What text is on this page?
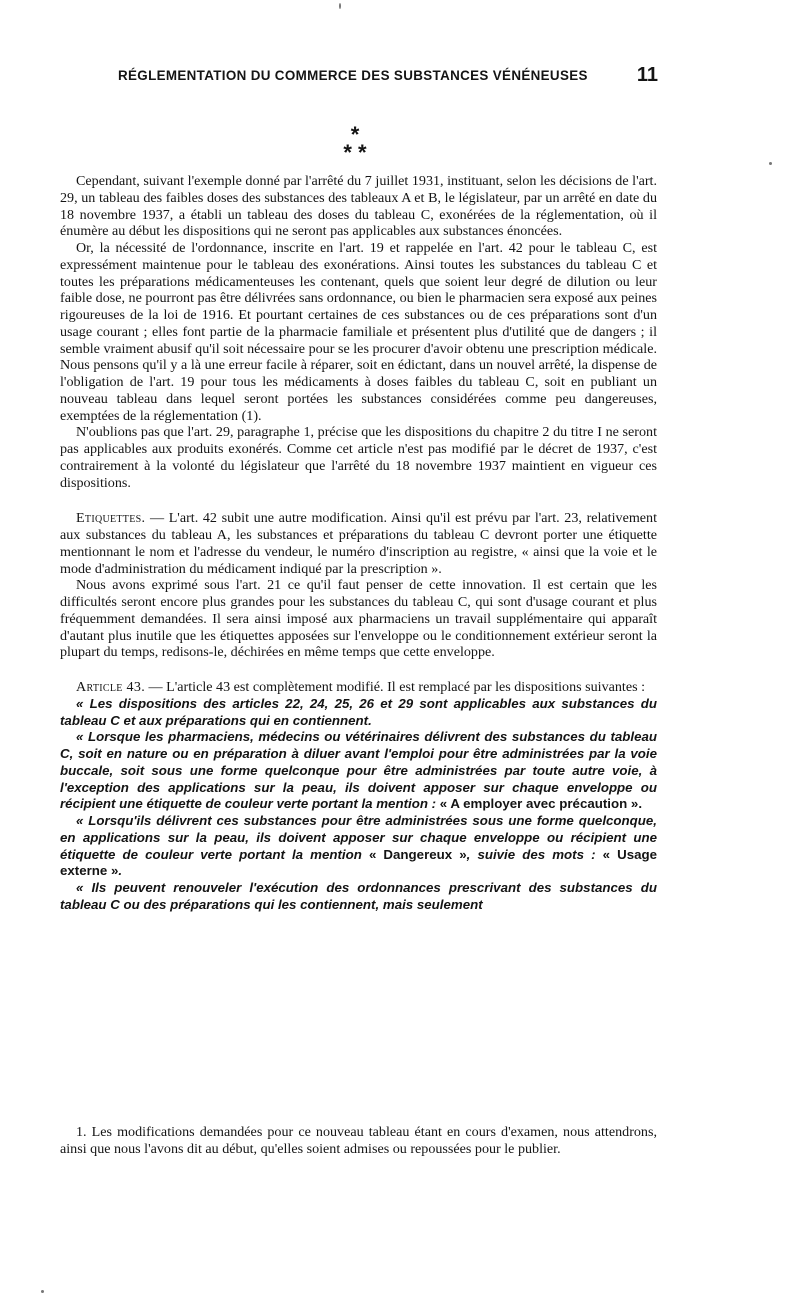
RÉGLEMENTATION DU COMMERCE DES SUBSTANCES VÉNÉNEUSES 11
*
* *

Cependant, suivant l'exemple donné par l'arrêté du 7 juillet 1931, instituant, selon les décisions de l'art. 29, un tableau des faibles doses des substances des tableaux A et B, le législateur, par un arrêté en date du 18 novembre 1937, a établi un tableau des doses du tableau C, exonérées de la réglementation, où il énumère au début les dispositions qui ne seront pas applicables aux substances énoncées.

Or, la nécessité de l'ordonnance, inscrite en l'art. 19 et rappelée en l'art. 42 pour le tableau C, est expressément maintenue pour le tableau des exonérations. Ainsi toutes les substances du tableau C et toutes les préparations médicamenteuses les contenant, quels que soient leur degré de dilution ou leur faible dose, ne pourront pas être délivrées sans ordonnance, ou bien le pharmacien sera exposé aux peines rigoureuses de la loi de 1916. Et pourtant certaines de ces substances ou de ces préparations sont d'un usage courant ; elles font partie de la pharmacie familiale et présentent plus d'utilité que de dangers ; il semble vraiment abusif qu'il soit nécessaire pour se les procurer d'avoir obtenu une prescription médicale. Nous pensons qu'il y a là une erreur facile à réparer, soit en édictant, dans un nouvel arrêté, la dispense de l'obligation de l'art. 19 pour tous les médicaments à doses faibles du tableau C, soit en publiant un nouveau tableau dans lequel seront portées les substances considérées comme peu dangereuses, exemptées de la réglementation (1).

N'oublions pas que l'art. 29, paragraphe 1, précise que les dispositions du chapitre 2 du titre I ne seront pas applicables aux produits exonérés. Comme cet article n'est pas modifié par le décret de 1937, c'est contrairement à la volonté du législateur que l'arrêté du 18 novembre 1937 maintient en vigueur ces dispositions.

Etiquettes. — L'art. 42 subit une autre modification. Ainsi qu'il est prévu par l'art. 23, relativement aux substances du tableau A, les substances et préparations du tableau C devront porter une étiquette mentionnant le nom et l'adresse du vendeur, le numéro d'inscription au registre, « ainsi que la voie et le mode d'administration du médicament indiqué par la prescription ».

Nous avons exprimé sous l'art. 21 ce qu'il faut penser de cette innovation. Il est certain que les difficultés seront encore plus grandes pour les substances du tableau C, qui sont d'usage courant et plus fréquemment demandées. Il sera ainsi imposé aux pharmaciens un travail supplémentaire qui apparaît d'autant plus inutile que les étiquettes apposées sur l'enveloppe ou le conditionnement extérieur seront la plupart du temps, redisons-le, déchirées en même temps que cette enveloppe.

Article 43. — L'article 43 est complètement modifié. Il est remplacé par les dispositions suivantes :

« Les dispositions des articles 22, 24, 25, 26 et 29 sont applicables aux substances du tableau C et aux préparations qui en contiennent.

« Lorsque les pharmaciens, médecins ou vétérinaires délivrent des substances du tableau C, soit en nature ou en préparation à diluer avant l'emploi pour être administrées par la voie buccale, soit sous une forme quelconque pour être administrées par toute autre voie, à l'exception des applications sur la peau, ils doivent apposer sur chaque enveloppe ou récipient une étiquette de couleur verte portant la mention : « A employer avec précaution ».

« Lorsqu'ils délivrent ces substances pour être administrées sous une forme quelconque, en applications sur la peau, ils doivent apposer sur chaque enveloppe ou récipient une étiquette de couleur verte portant la mention « Dangereux », suivie des mots : « Usage externe ».

« Ils peuvent renouveler l'exécution des ordonnances prescrivant des substances du tableau C ou des préparations qui les contiennent, mais seulement

1. Les modifications demandées pour ce nouveau tableau étant en cours d'examen, nous attendrons, ainsi que nous l'avons dit au début, qu'elles soient admises ou repoussées pour le publier.
